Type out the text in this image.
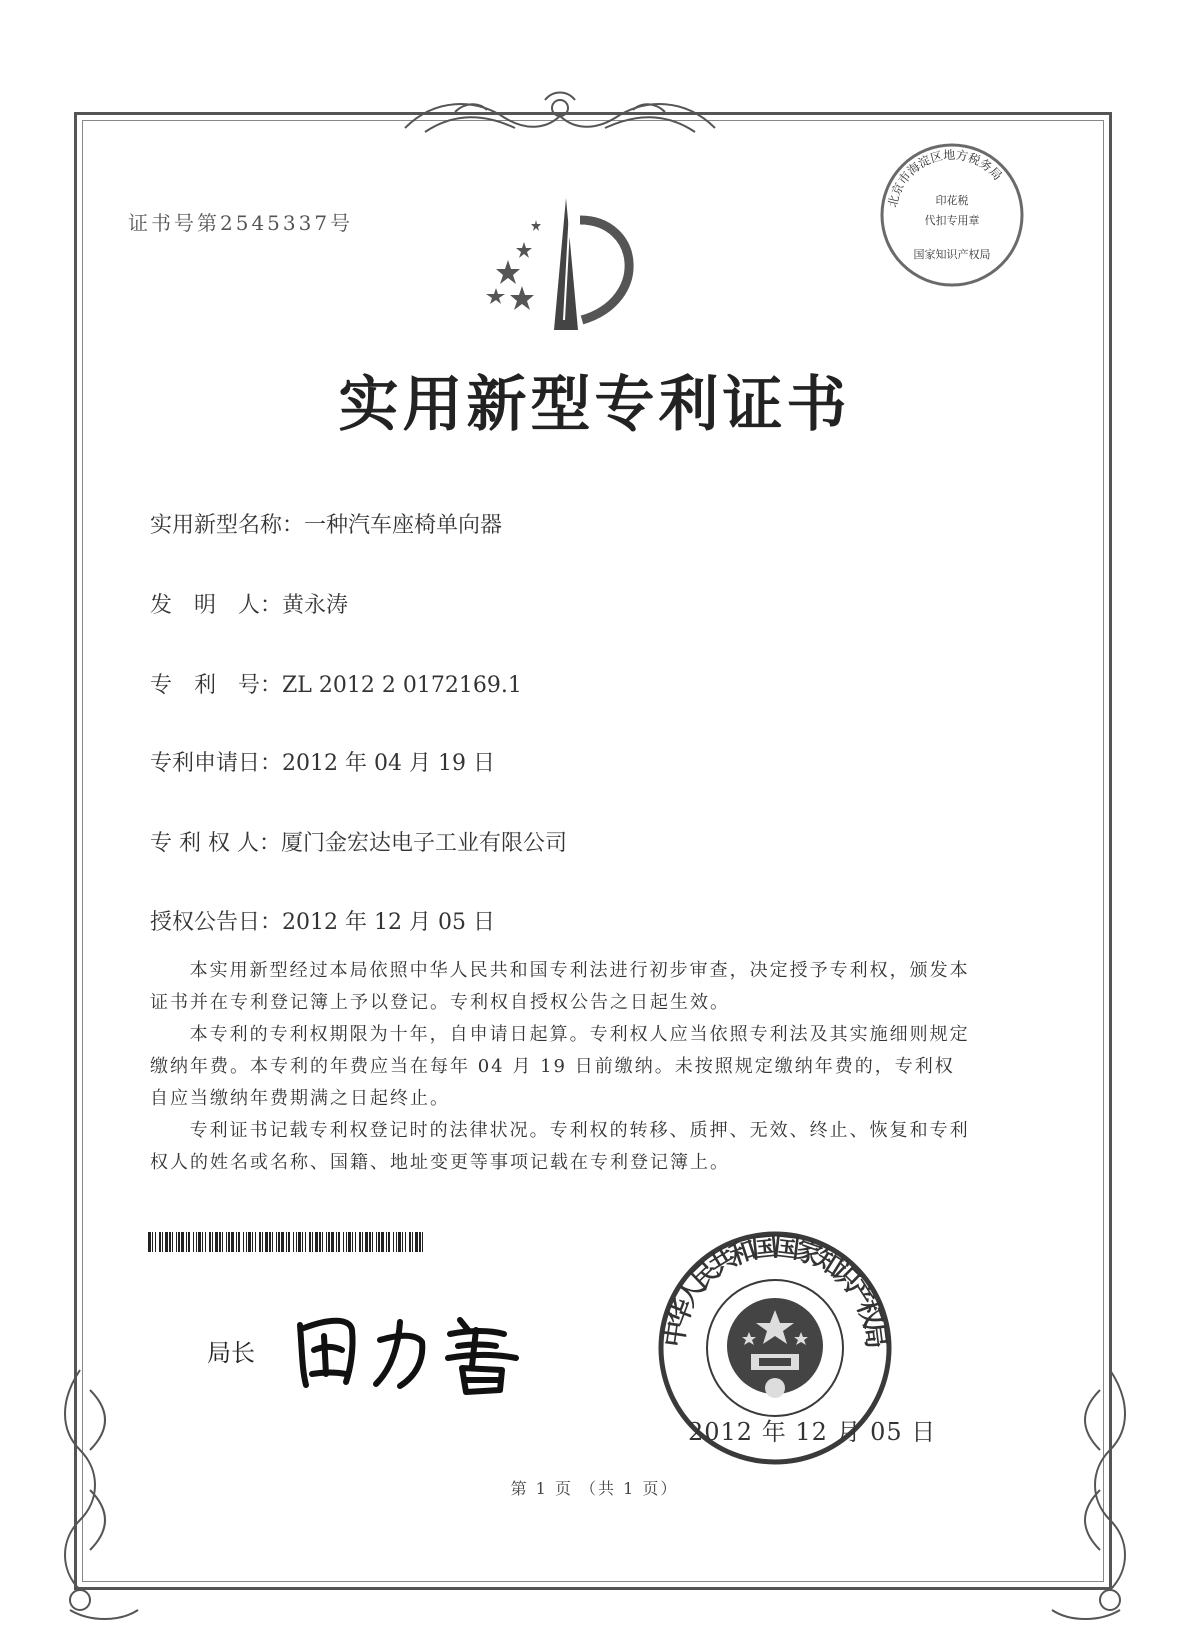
证书号第2545337号
实用新型专利证书
实用新型名称：一种汽车座椅单向器
发　明　人：黄永涛
专　利　号：ZL 2012 2 0172169.1
专利申请日：2012 年 04 月 19 日
专 利 权 人：厦门金宏达电子工业有限公司
授权公告日：2012 年 12 月 05 日

本实用新型经过本局依照中华人民共和国专利法进行初步审查，决定授予专利权，颁发本证书并在专利登记簿上予以登记。专利权自授权公告之日起生效。

本专利的专利权期限为十年，自申请日起算。专利权人应当依照专利法及其实施细则规定缴纳年费。本专利的年费应当在每年 04 月 19 日前缴纳。未按照规定缴纳年费的，专利权自应当缴纳年费期满之日起终止。

专利证书记载专利权登记时的法律状况。专利权的转移、质押、无效、终止、恢复和专利权人的姓名或名称、国籍、地址变更等事项记载在专利登记簿上。

局长
北京市海淀区地方税务局
印花税
代扣专用章
国家知识产权局
中华人民共和国国家知识产权局
2012 年 12 月 05 日
第 1 页 （共 1 页）
